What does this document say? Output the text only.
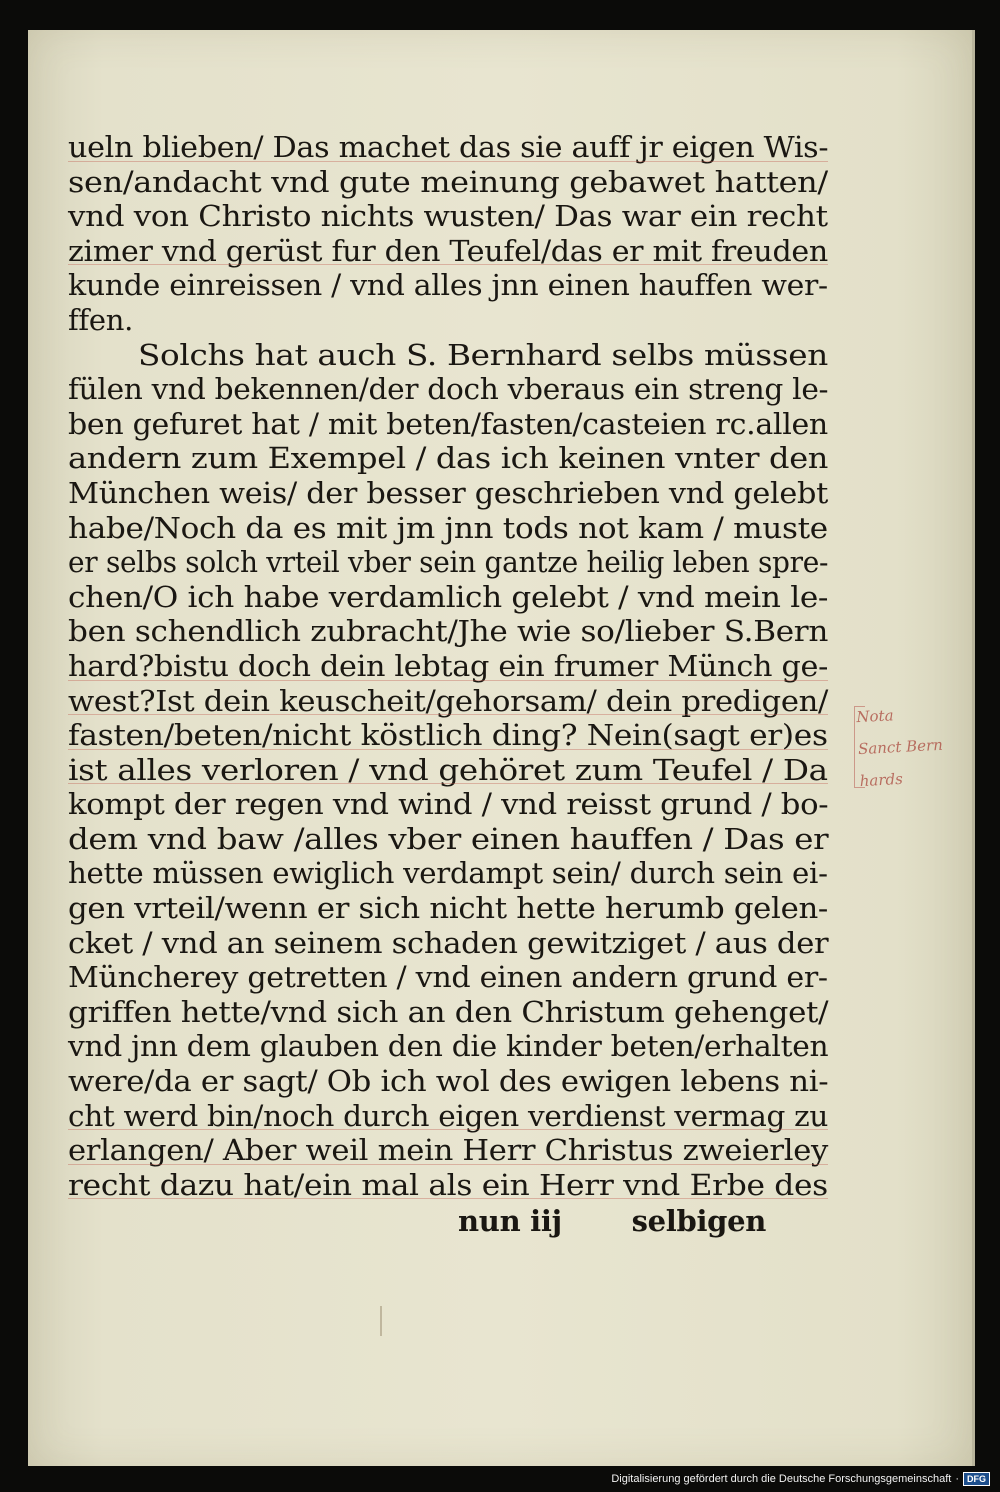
ueln blieben/ Das machet das sie auff jr eigen Wis-
sen/andacht vnd gute meinung gebawet hatten/
vnd von Christo nichts wusten/ Das war ein recht
zimer vnd gerüst fur den Teufel/das er mit freuden
kunde einreissen / vnd alles jnn einen hauffen wer-
ffen.
Solchs hat auch S. Bernhard selbs müssen
fülen vnd bekennen/der doch vberaus ein streng le-
ben gefuret hat / mit beten/fasten/casteien rc.allen
andern zum Exempel / das ich keinen vnter den
München weis/ der besser geschrieben vnd gelebt
habe/Noch da es mit jm jnn tods not kam / muste
er selbs solch vrteil vber sein gantze heilig leben spre-
chen/O ich habe verdamlich gelebt / vnd mein le-
ben schendlich zubracht/Jhe wie so/lieber S.Bern
hard?bistu doch dein lebtag ein frumer Münch ge-
west?Ist dein keuscheit/gehorsam/ dein predigen/
fasten/beten/nicht köstlich ding? Nein(sagt er)es
ist alles verloren / vnd gehöret zum Teufel / Da
kompt der regen vnd wind / vnd reisst grund / bo-
dem vnd baw /alles vber einen hauffen / Das er
hette müssen ewiglich verdampt sein/ durch sein ei-
gen vrteil/wenn er sich nicht hette herumb gelen-
cket / vnd an seinem schaden gewitziget / aus der
Müncherey getretten / vnd einen andern grund er-
griffen hette/vnd sich an den Christum gehenget/
vnd jnn dem glauben den die kinder beten/erhalten
were/da er sagt/ Ob ich wol des ewigen lebens ni-
cht werd bin/noch durch eigen verdienst vermag zu
erlangen/ Aber weil mein Herr Christus zweierley
recht dazu hat/ein mal als ein Herr vnd Erbe des
nun iij selbigen
Nota
Sanct Bern
hards
Digitalisierung gefördert durch die Deutsche Forschungsgemeinschaft · DFG
